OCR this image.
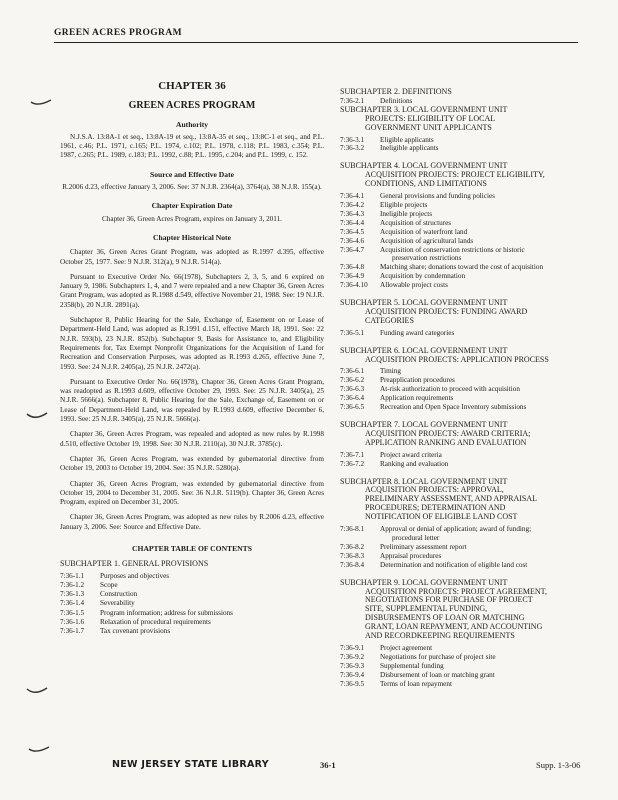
GREEN ACRES PROGRAM
CHAPTER 36
GREEN ACRES PROGRAM
Authority

N.J.S.A. 13:8A-1 et seq., 13:8A-19 et seq., 13:8A-35 et seq., 13:8C-1 et seq., and P.L. 1961, c.46; P.L. 1971, c.165; P.L. 1974, c.102; P.L. 1978, c.118; P.L. 1983, c.354; P.L. 1987, c.265; P.L. 1989, c.183; P.L. 1992, c.88; P.L. 1995, c.204; and P.L. 1999, c. 152.

Source and Effective Date

R.2006 d.23, effective January 3, 2006. See: 37 N.J.R. 2364(a), 3764(a), 38 N.J.R. 155(a).

Chapter Expiration Date

Chapter 36, Green Acres Program, expires on January 3, 2011.

Chapter Historical Note

Chapter 36, Green Acres Grant Program, was adopted as R.1997 d.395, effective October 25, 1977. See: 9 N.J.R. 312(a), 9 N.J.R. 514(a).

Pursuant to Executive Order No. 66(1978), Subchapters 2, 3, 5, and 6 expired on January 9, 1986. Subchapters 1, 4, and 7 were repealed and a new Chapter 36, Green Acres Grant Program, was adopted as R.1988 d.549, effective November 21, 1988. See: 19 N.J.R. 2358(b), 20 N.J.R. 2891(a).

Subchapter 8, Public Hearing for the Sale, Exchange of, Easement on or Lease of Department-Held Land, was adopted as R.1991 d.151, effective March 18, 1991. See: 22 N.J.R. 593(b), 23 N.J.R. 852(b). Subchapter 9, Basis for Assistance to, and Eligibility Requirements for, Tax Exempt Nonprofit Organizations for the Acquisition of Land for Recreation and Conservation Purposes, was adopted as R.1993 d.265, effective June 7, 1993. See: 24 N.J.R. 2405(a), 25 N.J.R. 2472(a).

Pursuant to Executive Order No. 66(1978), Chapter 36, Green Acres Grant Program, was readopted as R.1993 d.609, effective October 29, 1993. See: 25 N.J.R. 3405(a), 25 N.J.R. 5666(a). Subchapter 8, Public Hearing for the Sale, Exchange of, Easement on or Lease of Department-Held Land, was repealed by R.1993 d.609, effective December 6, 1993. See: 25 N.J.R. 3405(a), 25 N.J.R. 5666(a).

Chapter 36, Green Acres Program, was repealed and adopted as new rules by R.1998 d.510, effective October 19, 1998. See: 30 N.J.R. 2110(a), 30 N.J.R. 3785(c).

Chapter 36, Green Acres Program, was extended by gubernatorial directive from October 19, 2003 to October 19, 2004. See: 35 N.J.R. 5280(a).

Chapter 36, Green Acres Program, was extended by gubernatorial directive from October 19, 2004 to December 31, 2005. See: 36 N.J.R. 5119(b). Chapter 36, Green Acres Program, expired on December 31, 2005.

Chapter 36, Green Acres Program, was adopted as new rules by R.2006 d.23, effective January 3, 2006. See: Source and Effective Date.

CHAPTER TABLE OF CONTENTS
SUBCHAPTER 1. GENERAL PROVISIONS
7:36-1.1	Purposes and objectives
7:36-1.2	Scope
7:36-1.3	Construction
7:36-1.4	Severability
7:36-1.5	Program information; address for submissions
7:36-1.6	Relaxation of procedural requirements
7:36-1.7	Tax covenant provisions
SUBCHAPTER 2. DEFINITIONS
7:36-2.1	Definitions
SUBCHAPTER 3. LOCAL GOVERNMENT UNIT
PROJECTS: ELIGIBILITY OF LOCAL
GOVERNMENT UNIT APPLICANTS
7:36-3.1	Eligible applicants
7:36-3.2	Ineligible applicants
SUBCHAPTER 4. LOCAL GOVERNMENT UNIT
ACQUISITION PROJECTS: PROJECT ELIGIBILITY,
CONDITIONS, AND LIMITATIONS
7:36-4.1	General provisions and funding policies
7:36-4.2	Eligible projects
7:36-4.3	Ineligible projects
7:36-4.4	Acquisition of structures
7:36-4.5	Acquisition of waterfront land
7:36-4.6	Acquisition of agricultural lands
7:36-4.7	Acquisition of conservation restrictions or historic
preservation restrictions
7:36-4.8	Matching share; donations toward the cost of acquisition
7:36-4.9	Acquisition by condemnation
7:36-4.10	Allowable project costs
SUBCHAPTER 5. LOCAL GOVERNMENT UNIT
ACQUISITION PROJECTS: FUNDING AWARD
CATEGORIES
7:36-5.1	Funding award categories
SUBCHAPTER 6. LOCAL GOVERNMENT UNIT
ACQUISITION PROJECTS: APPLICATION PROCESS
7:36-6.1	Timing
7:36-6.2	Preapplication procedures
7:36-6.3	At-risk authorization to proceed with acquisition
7:36-6.4	Application requirements
7:36-6.5	Recreation and Open Space Inventory submissions
SUBCHAPTER 7. LOCAL GOVERNMENT UNIT
ACQUISITION PROJECTS: AWARD CRITERIA;
APPLICATION RANKING AND EVALUATION
7:36-7.1	Project award criteria
7:36-7.2	Ranking and evaluation
SUBCHAPTER 8. LOCAL GOVERNMENT UNIT
ACQUISITION PROJECTS: APPROVAL,
PRELIMINARY ASSESSMENT, AND APPRAISAL
PROCEDURES; DETERMINATION AND
NOTIFICATION OF ELIGIBLE LAND COST
7:36-8.1	Approval or denial of application; award of funding;
procedural letter
7:36-8.2	Preliminary assessment report
7:36-8.3	Appraisal procedures
7:36-8.4	Determination and notification of eligible land cost
SUBCHAPTER 9. LOCAL GOVERNMENT UNIT
ACQUISITION PROJECTS: PROJECT AGREEMENT,
NEGOTIATIONS FOR PURCHASE OF PROJECT
SITE, SUPPLEMENTAL FUNDING,
DISBURSEMENTS OF LOAN OR MATCHING
GRANT, LOAN REPAYMENT, AND ACCOUNTING
AND RECORDKEEPING REQUIREMENTS
7:36-9.1	Project agreement
7:36-9.2	Negotiations for purchase of project site
7:36-9.3	Supplemental funding
7:36-9.4	Disbursement of loan or matching grant
7:36-9.5	Terms of loan repayment
NEW JERSEY STATE LIBRARY	36-1	Supp. 1-3-06
